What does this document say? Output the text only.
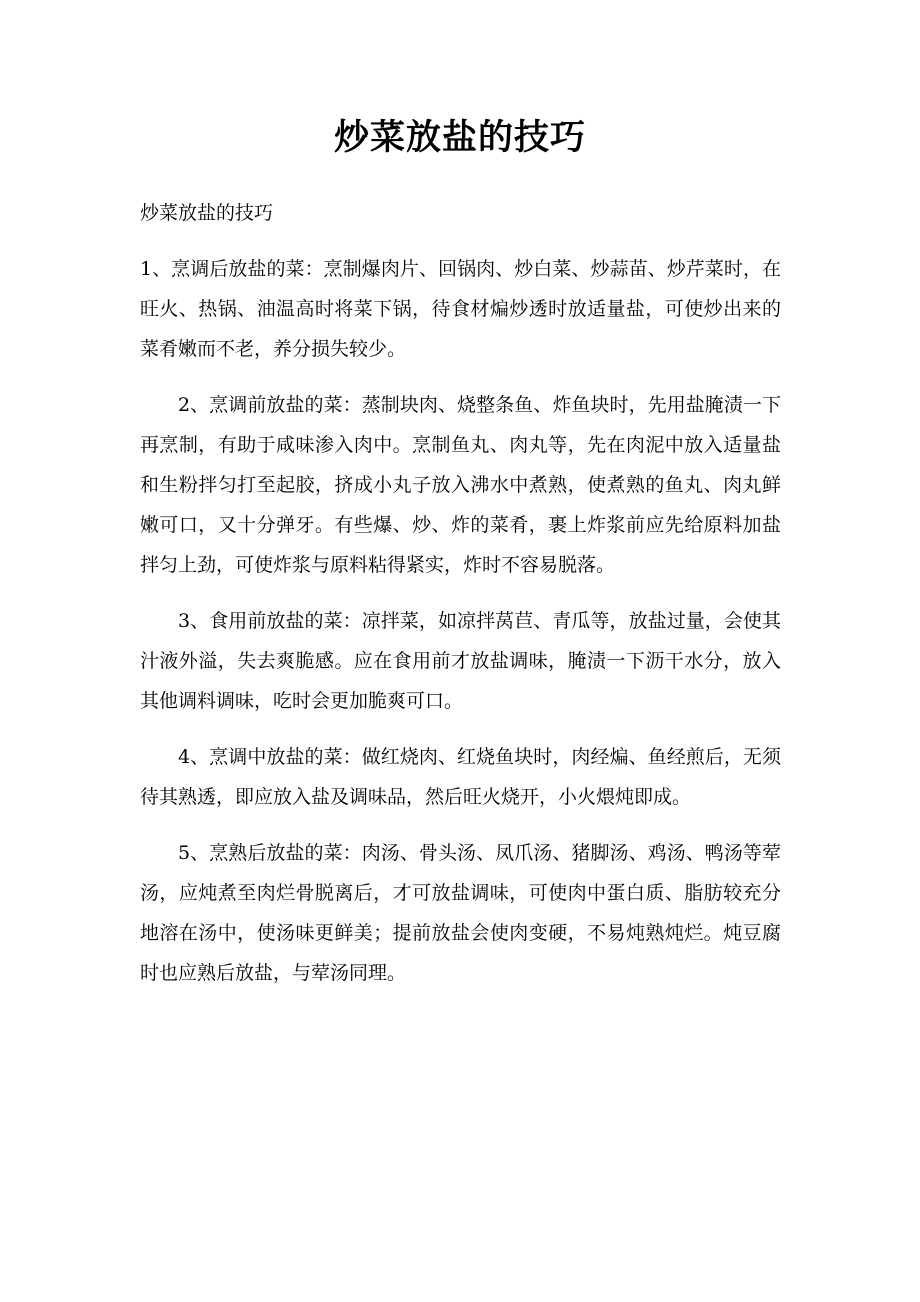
炒菜放盐的技巧

炒菜放盐的技巧

1、烹调后放盐的菜：烹制爆肉片、回锅肉、炒白菜、炒蒜苗、炒芹菜时，在旺火、热锅、油温高时将菜下锅，待食材煸炒透时放适量盐，可使炒出来的菜肴嫩而不老，养分损失较少。

2、烹调前放盐的菜：蒸制块肉、烧整条鱼、炸鱼块时，先用盐腌渍一下再烹制，有助于咸味渗入肉中。烹制鱼丸、肉丸等，先在肉泥中放入适量盐和生粉拌匀打至起胶，挤成小丸子放入沸水中煮熟，使煮熟的鱼丸、肉丸鲜嫩可口，又十分弹牙。有些爆、炒、炸的菜肴，裹上炸浆前应先给原料加盐拌匀上劲，可使炸浆与原料粘得紧实，炸时不容易脱落。

3、食用前放盐的菜：凉拌菜，如凉拌莴苣、青瓜等，放盐过量，会使其汁液外溢，失去爽脆感。应在食用前才放盐调味，腌渍一下沥干水分，放入其他调料调味，吃时会更加脆爽可口。

4、烹调中放盐的菜：做红烧肉、红烧鱼块时，肉经煸、鱼经煎后，无须待其熟透，即应放入盐及调味品，然后旺火烧开，小火煨炖即成。

5、烹熟后放盐的菜：肉汤、骨头汤、凤爪汤、猪脚汤、鸡汤、鸭汤等荤汤，应炖煮至肉烂骨脱离后，才可放盐调味，可使肉中蛋白质、脂肪较充分地溶在汤中，使汤味更鲜美；提前放盐会使肉变硬，不易炖熟炖烂。炖豆腐时也应熟后放盐，与荤汤同理。
